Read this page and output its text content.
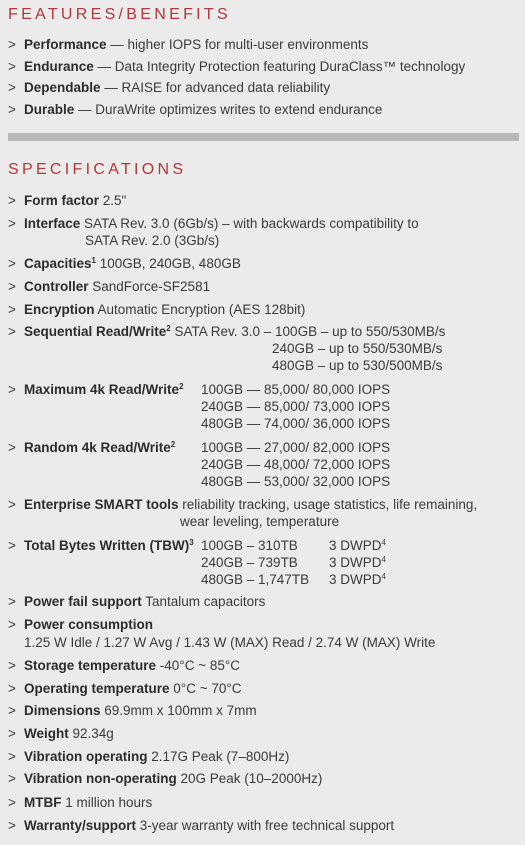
FEATURES/BENEFITS
> Performance — higher IOPS for multi-user environments
> Endurance — Data Integrity Protection featuring DuraClass™ technology
> Dependable — RAISE for advanced data reliability
> Durable — DuraWrite optimizes writes to extend endurance
SPECIFICATIONS
> Form factor 2.5"
> Interface SATA Rev. 3.0 (6Gb/s) – with backwards compatibility to
SATA Rev. 2.0 (3Gb/s)
> Capacities$^1$ 100GB, 240GB, 480GB
> Controller SandForce-SF2581
> Encryption Automatic Encryption (AES 128bit)
> Sequential Read/Write$^2$ SATA Rev. 3.0 – 100GB – up to 550/530MB/s
240GB – up to 550/530MB/s
480GB – up to 530/500MB/s
> Maximum 4k Read/Write$^2$	100GB — 85,000/ 80,000 IOPS
240GB — 85,000/ 73,000 IOPS
480GB — 74,000/ 36,000 IOPS
> Random 4k Read/Write$^2$	100GB — 27,000/ 82,000 IOPS
240GB — 48,000/ 72,000 IOPS
480GB — 53,000/ 32,000 IOPS
> Enterprise SMART tools reliability tracking, usage statistics, life remaining,
wear leveling, temperature
> Total Bytes Written (TBW)$^3$ 100GB – 310TB
240GB – 739TB
480GB – 1,747TB
3 DWPD$^4$
3 DWPD$^4$
3 $DWPD^4$
> Power fail support Tantalum capacitors
> Power consumption
1.25 W Idle / 1.27 W Avg / 1.43 W (MAX) Read / 2.74 W (MAX) Write
> Storage temperature -40°C ~ 85°C
> Operating temperature 0°C ~ 70°C
> Dimensions 69.9mm x 100mm x 7mm
> Weight 92.34g
> Vibration operating 2.17G Peak (7–800Hz)
> Vibration non-operating 20G Peak (10–2000Hz)
> MTBF 1 million hours
> Warranty/support 3-year warranty with free technical support
